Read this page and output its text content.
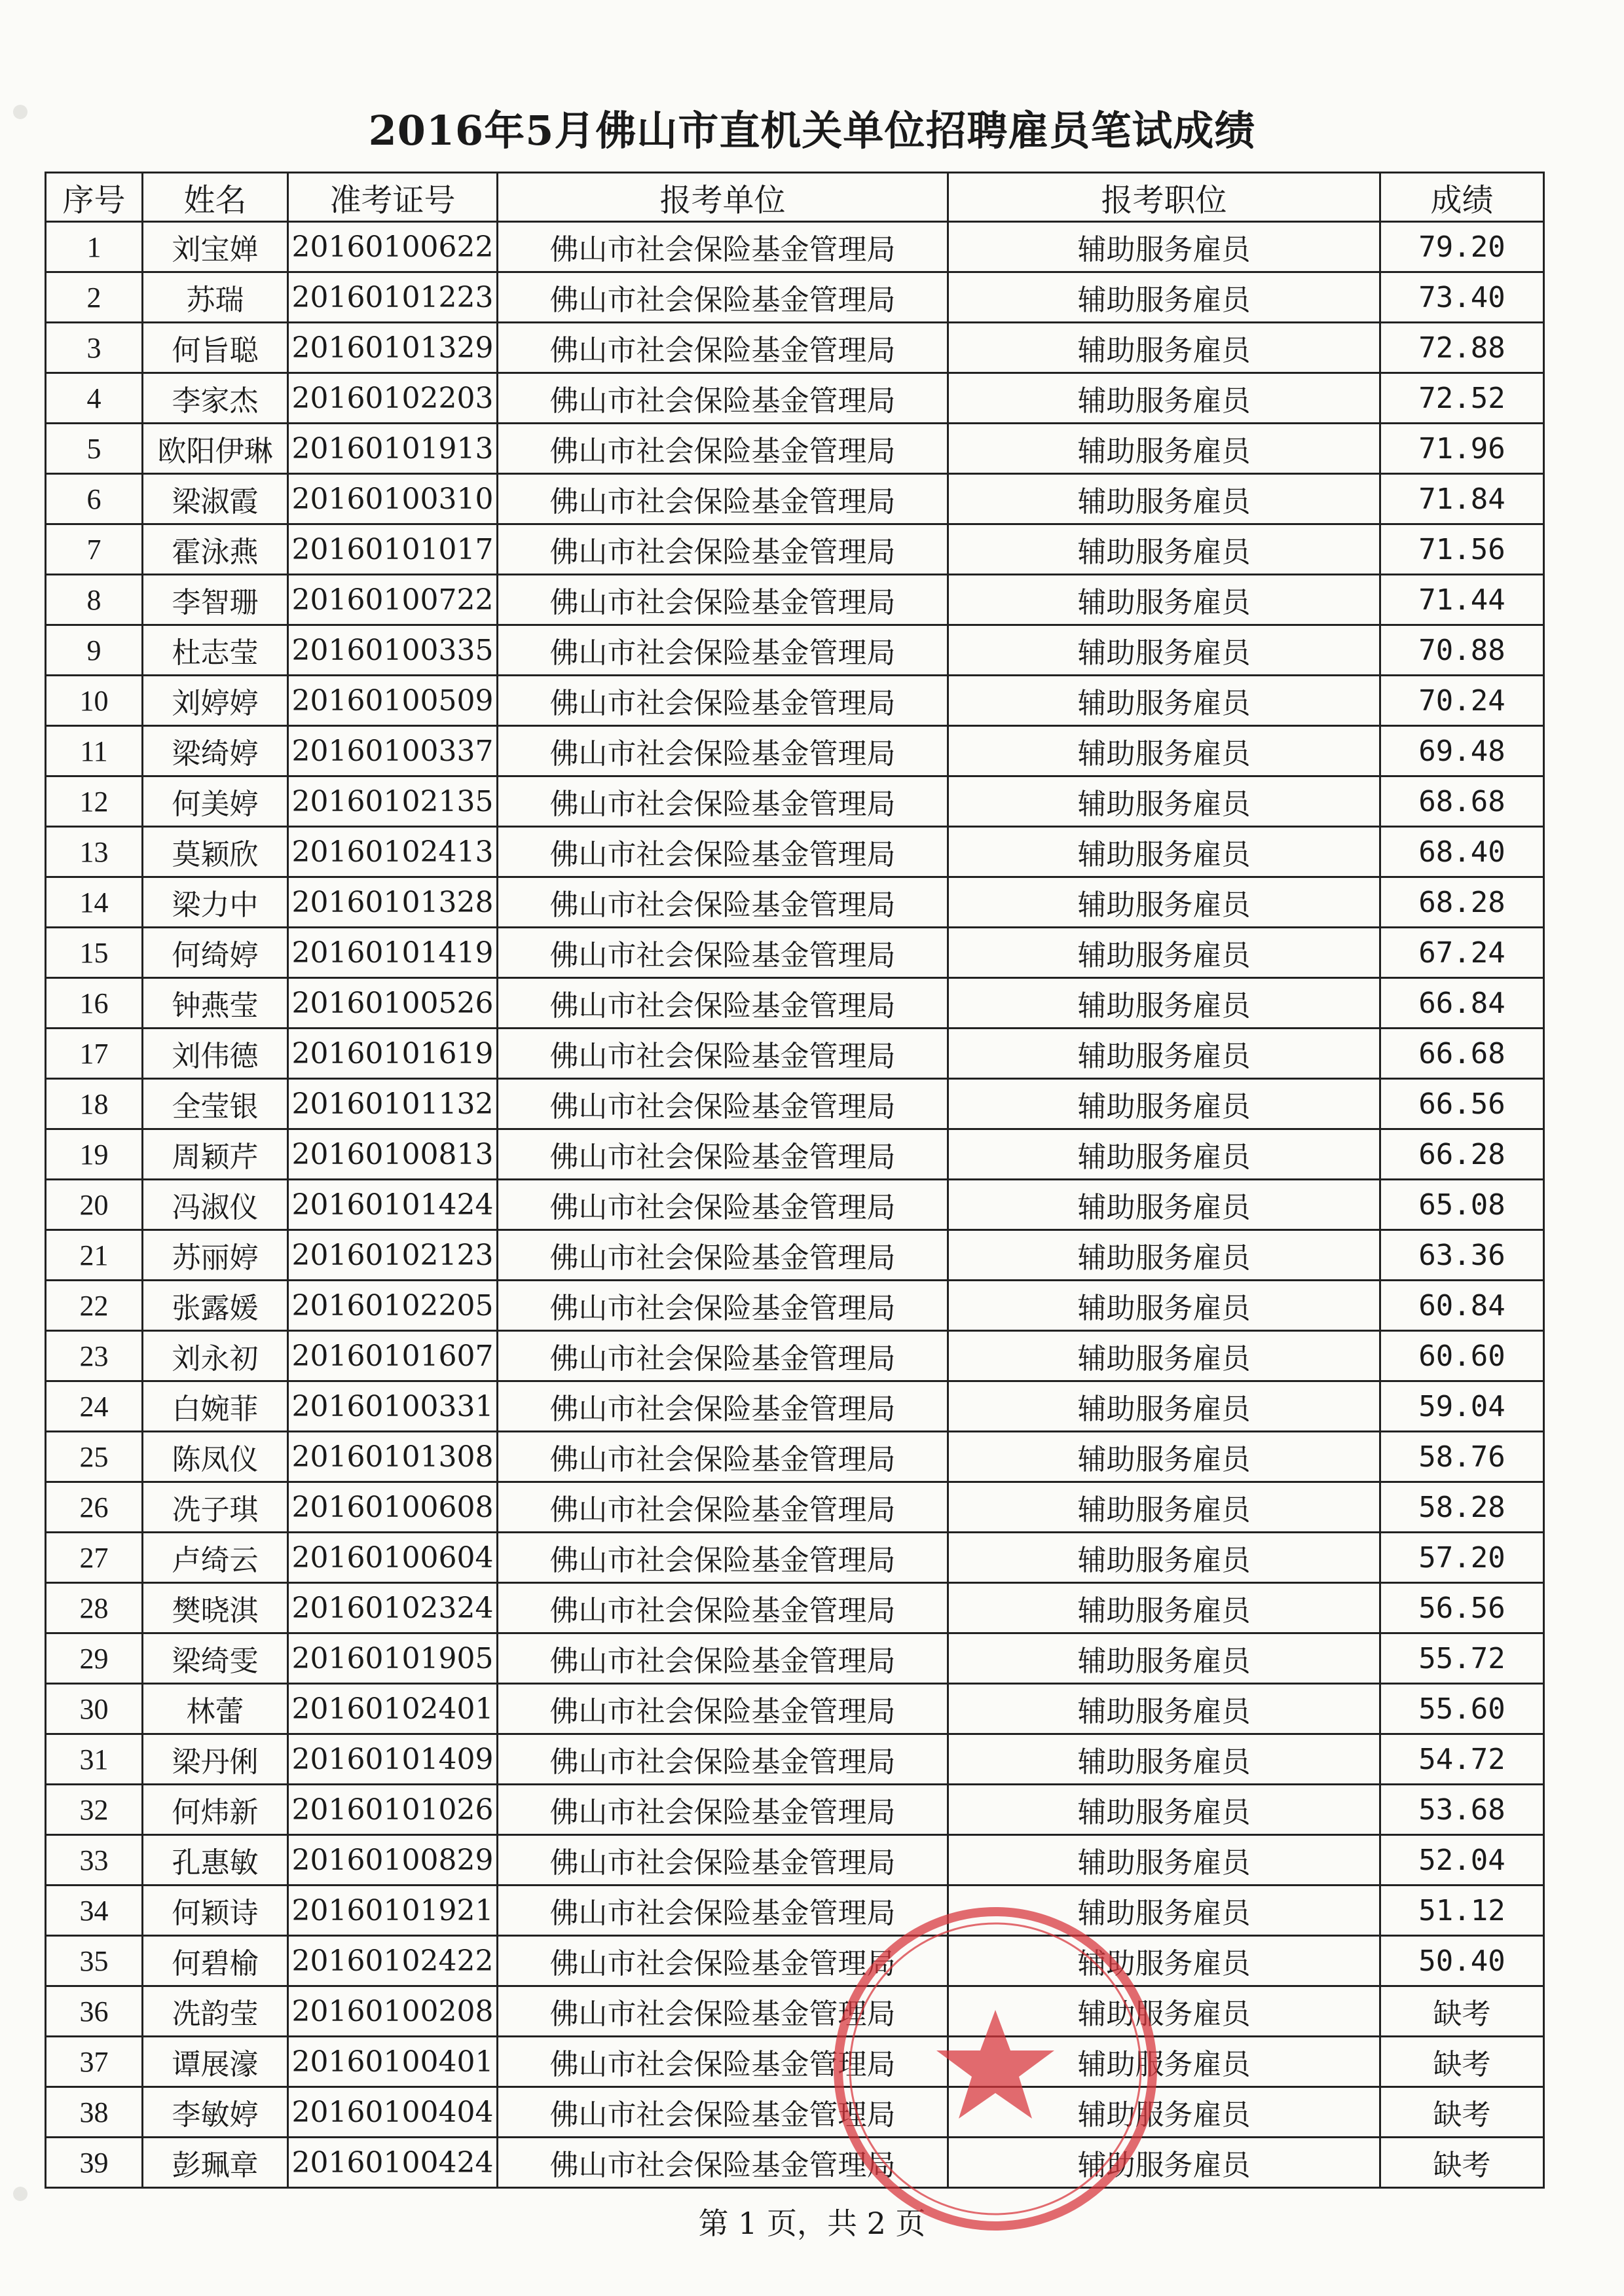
2016年5月佛山市直机关单位招聘雇员笔试成绩
序号	姓名	准考证号	报考单位	报考职位	成绩
1	刘宝婵	20160100622	佛山市社会保险基金管理局	辅助服务雇员	79.20
2	苏瑞	20160101223	佛山市社会保险基金管理局	辅助服务雇员	73.40
3	何旨聪	20160101329	佛山市社会保险基金管理局	辅助服务雇员	72.88
4	李家杰	20160102203	佛山市社会保险基金管理局	辅助服务雇员	72.52
5	欧阳伊琳	20160101913	佛山市社会保险基金管理局	辅助服务雇员	71.96
6	梁淑霞	20160100310	佛山市社会保险基金管理局	辅助服务雇员	71.84
7	霍泳燕	20160101017	佛山市社会保险基金管理局	辅助服务雇员	71.56
8	李智珊	20160100722	佛山市社会保险基金管理局	辅助服务雇员	71.44
9	杜志莹	20160100335	佛山市社会保险基金管理局	辅助服务雇员	70.88
10	刘婷婷	20160100509	佛山市社会保险基金管理局	辅助服务雇员	70.24
11	梁绮婷	20160100337	佛山市社会保险基金管理局	辅助服务雇员	69.48
12	何美婷	20160102135	佛山市社会保险基金管理局	辅助服务雇员	68.68
13	莫颖欣	20160102413	佛山市社会保险基金管理局	辅助服务雇员	68.40
14	梁力中	20160101328	佛山市社会保险基金管理局	辅助服务雇员	68.28
15	何绮婷	20160101419	佛山市社会保险基金管理局	辅助服务雇员	67.24
16	钟燕莹	20160100526	佛山市社会保险基金管理局	辅助服务雇员	66.84
17	刘伟德	20160101619	佛山市社会保险基金管理局	辅助服务雇员	66.68
18	全莹银	20160101132	佛山市社会保险基金管理局	辅助服务雇员	66.56
19	周颖芹	20160100813	佛山市社会保险基金管理局	辅助服务雇员	66.28
20	冯淑仪	20160101424	佛山市社会保险基金管理局	辅助服务雇员	65.08
21	苏丽婷	20160102123	佛山市社会保险基金管理局	辅助服务雇员	63.36
22	张露媛	20160102205	佛山市社会保险基金管理局	辅助服务雇员	60.84
23	刘永初	20160101607	佛山市社会保险基金管理局	辅助服务雇员	60.60
24	白婉菲	20160100331	佛山市社会保险基金管理局	辅助服务雇员	59.04
25	陈凤仪	20160101308	佛山市社会保险基金管理局	辅助服务雇员	58.76
26	冼子琪	20160100608	佛山市社会保险基金管理局	辅助服务雇员	58.28
27	卢绮云	20160100604	佛山市社会保险基金管理局	辅助服务雇员	57.20
28	樊晓淇	20160102324	佛山市社会保险基金管理局	辅助服务雇员	56.56
29	梁绮雯	20160101905	佛山市社会保险基金管理局	辅助服务雇员	55.72
30	林蕾	20160102401	佛山市社会保险基金管理局	辅助服务雇员	55.60
31	梁丹俐	20160101409	佛山市社会保险基金管理局	辅助服务雇员	54.72
32	何炜新	20160101026	佛山市社会保险基金管理局	辅助服务雇员	53.68
33	孔惠敏	20160100829	佛山市社会保险基金管理局	辅助服务雇员	52.04
34	何颖诗	20160101921	佛山市社会保险基金管理局	辅助服务雇员	51.12
35	何碧榆	20160102422	佛山市社会保险基金管理局	辅助服务雇员	50.40
36	冼韵莹	20160100208	佛山市社会保险基金管理局	辅助服务雇员	缺考
37	谭展濠	20160100401	佛山市社会保险基金管理局	辅助服务雇员	缺考
38	李敏婷	20160100404	佛山市社会保险基金管理局	辅助服务雇员	缺考
39	彭珮章	20160100424	佛山市社会保险基金管理局	辅助服务雇员	缺考
第 1 页，共 2 页
